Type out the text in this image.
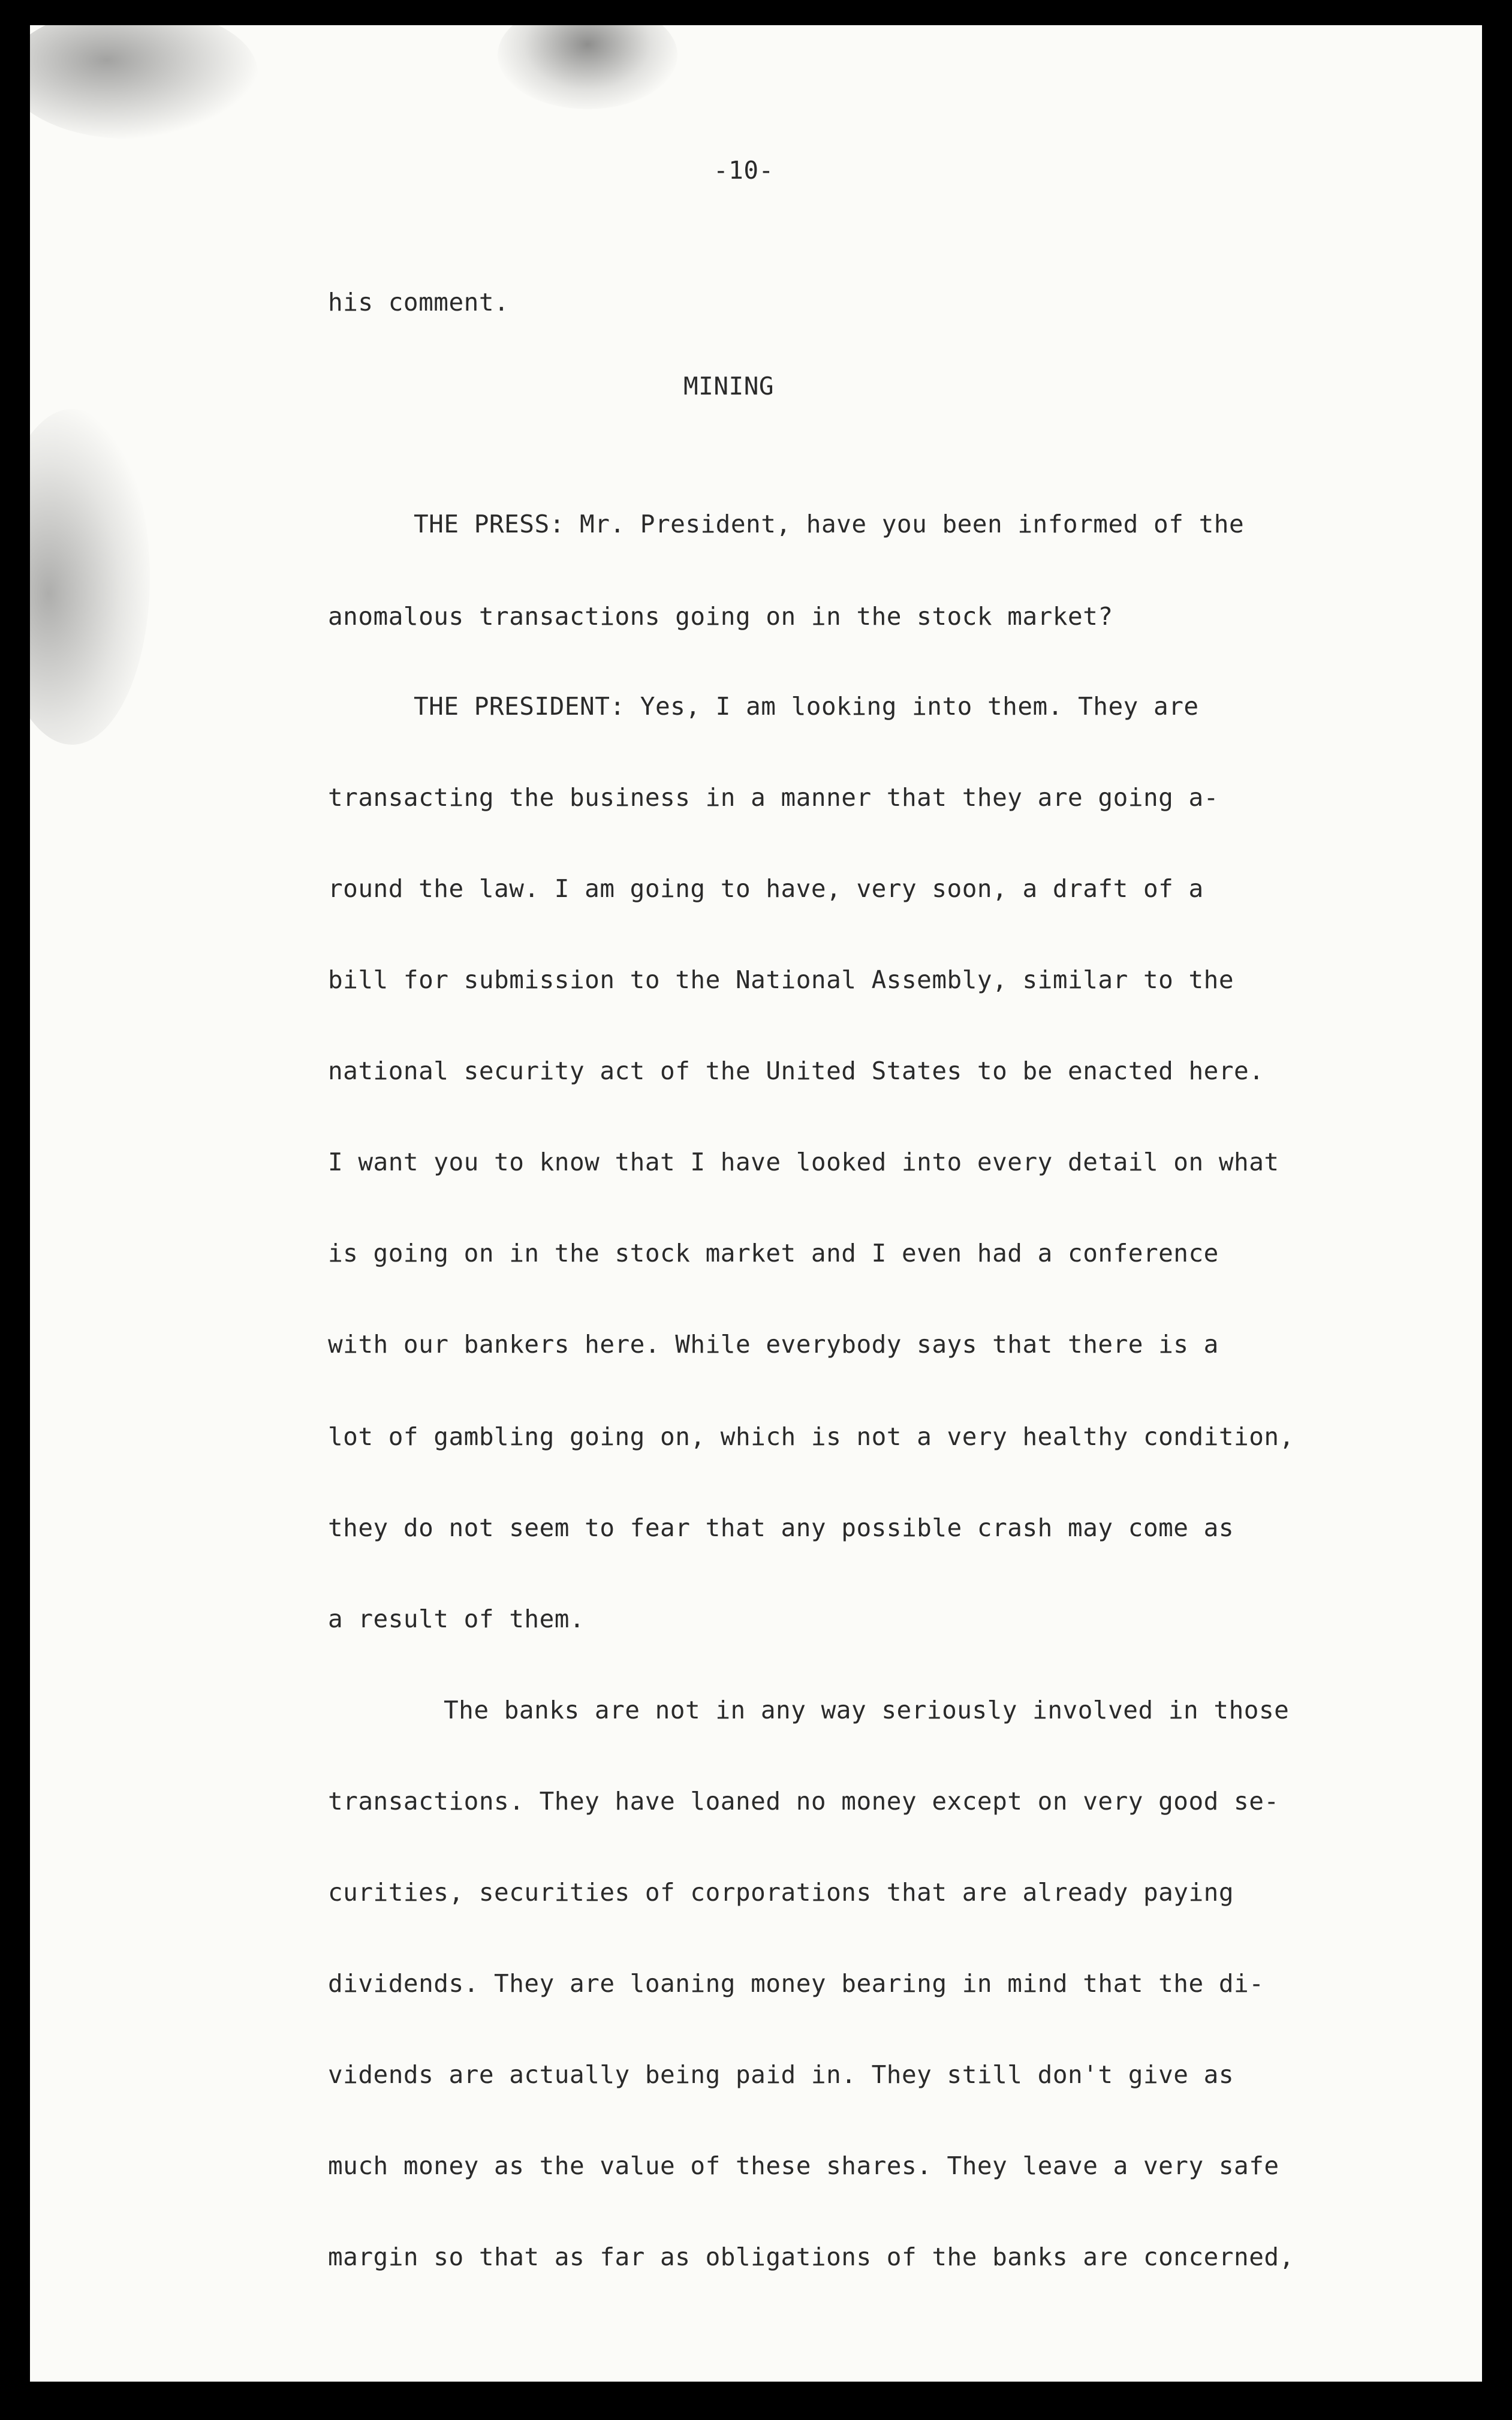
-10-
his comment.
MINING
THE PRESS: Mr. President, have you been informed of the
anomalous transactions going on in the stock market?
THE PRESIDENT: Yes, I am looking into them. They are
transacting the business in a manner that they are going a-
round the law. I am going to have, very soon, a draft of a
bill for submission to the National Assembly, similar to the
national security act of the United States to be enacted here.
I want you to know that I have looked into every detail on what
is going on in the stock market and I even had a conference
with our bankers here. While everybody says that there is a
lot of gambling going on, which is not a very healthy condition,
they do not seem to fear that any possible crash may come as
a result of them.
The banks are not in any way seriously involved in those
transactions. They have loaned no money except on very good se-
curities, securities of corporations that are already paying
dividends. They are loaning money bearing in mind that the di-
vidends are actually being paid in. They still don't give as
much money as the value of these shares. They leave a very safe
margin so that as far as obligations of the banks are concerned,
